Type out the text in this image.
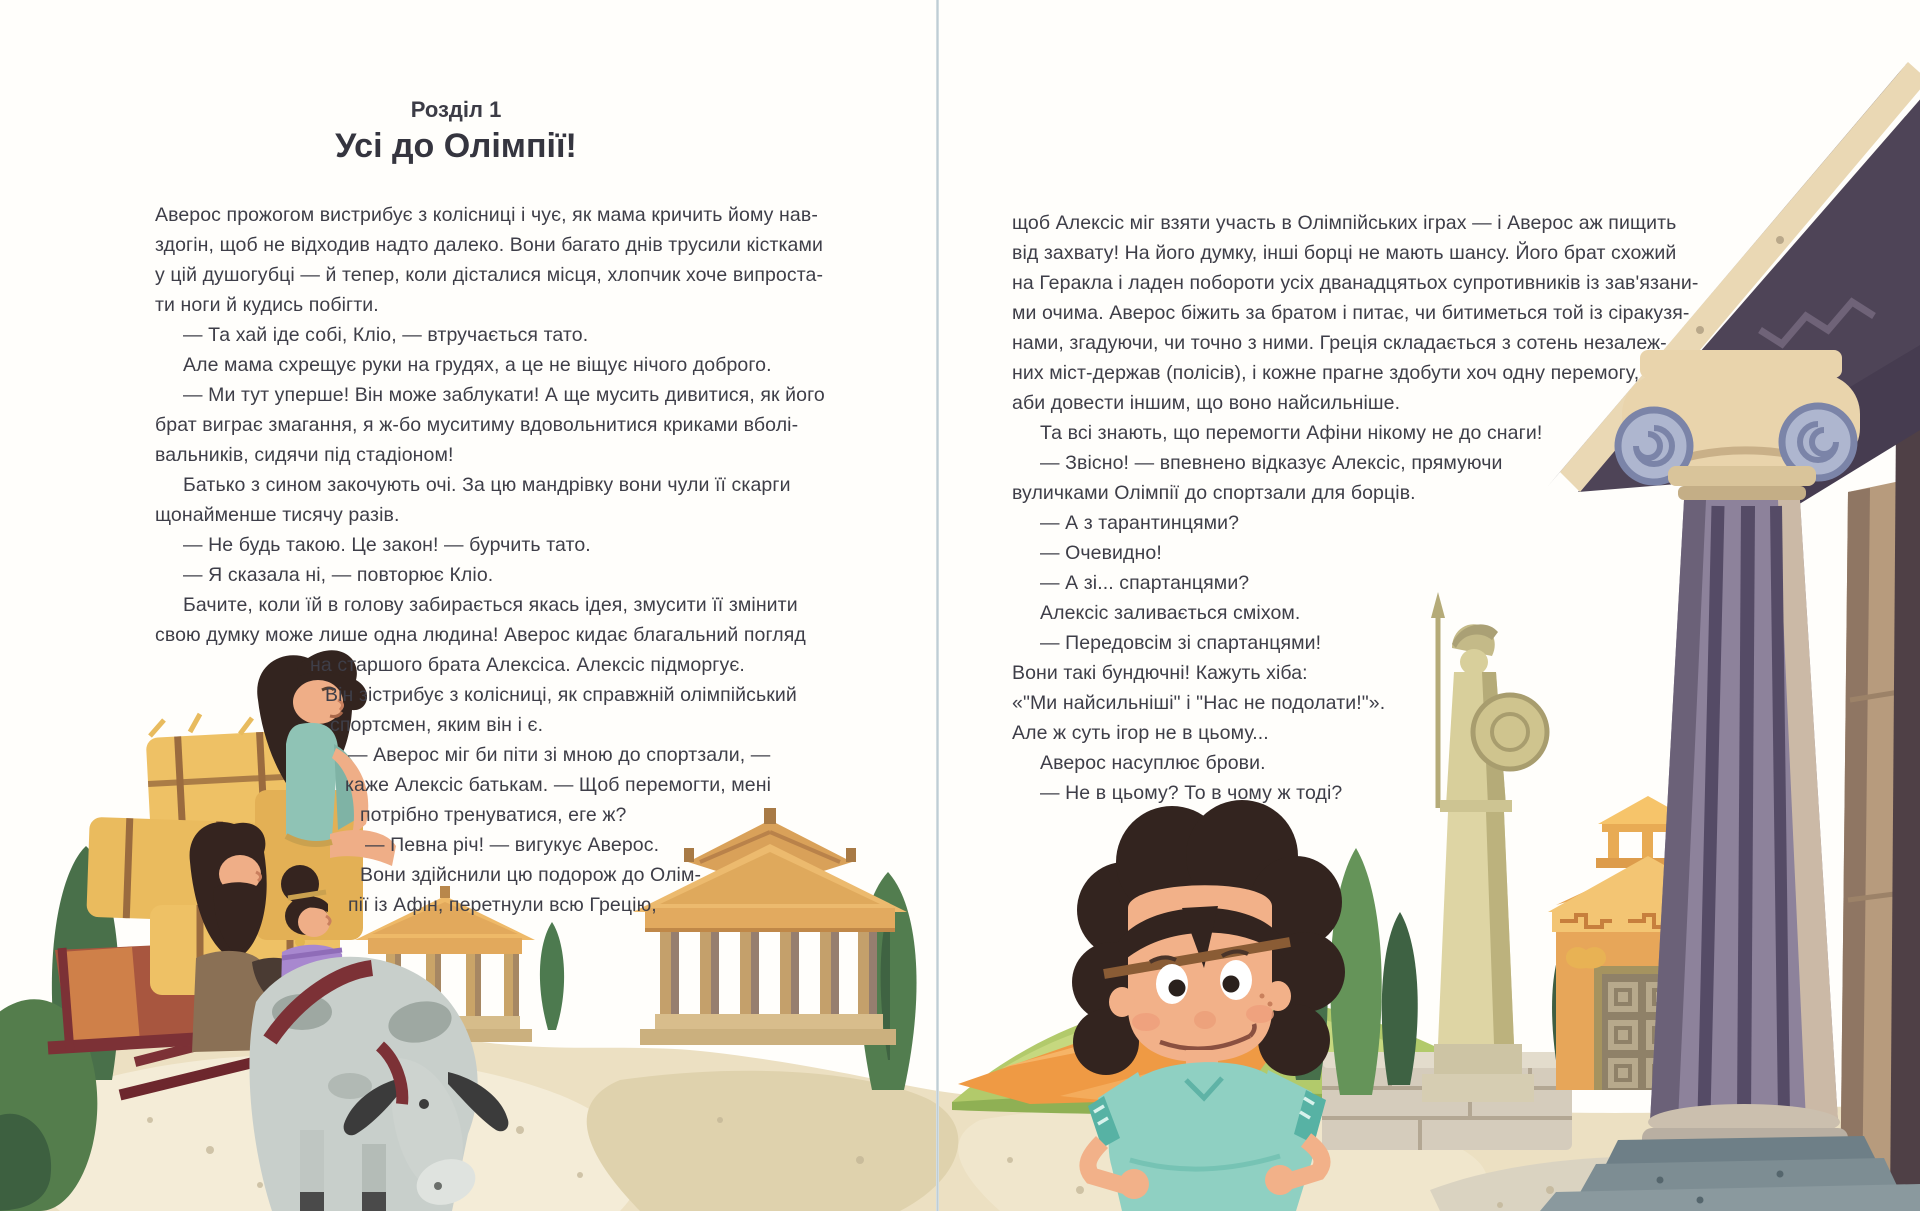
Розділ 1
Усі до Олімпії!
Аверос прожогом вистрибує з колісниці і чує, як мама кричить йому нав-
здогін, щоб не відходив надто далеко. Вони багато днів трусили кістками
у цій душогубці — й тепер, коли дісталися місця, хлопчик хоче випроста-
ти ноги й кудись побігти.
— Та хай іде собі, Кліо, — втручається тато.
Але мама схрещує руки на грудях, а це не віщує нічого доброго.
— Ми тут уперше! Він може заблукати! А ще мусить дивитися, як його
брат виграє змагання, я ж-бо муситиму вдовольнитися криками вболі-
вальників, сидячи під стадіоном!
Батько з сином закочують очі. За цю мандрівку вони чули її скарги
щонайменше тисячу разів.
— Не будь такою. Це закон! — бурчить тато.
— Я сказала ні, — повторює Кліо.
Бачите, коли їй в голову забирається якась ідея, змусити її змінити
свою думку може лише одна людина! Аверос кидає благальний погляд
на старшого брата Алексіса. Алексіс підморгує.
Він зістрибує з колісниці, як справжній олімпійський
спортсмен, яким він і є.
— Аверос міг би піти зі мною до спортзали, —
каже Алексіс батькам. — Щоб перемогти, мені
потрібно тренуватися, еге ж?
— Певна річ! — вигукує Аверос.
Вони здійснили цю подорож до Олім-
пії із Афін, перетнули всю Грецію,
щоб Алексіс міг взяти участь в Олімпійських іграх — і Аверос аж пищить
від захвату! На його думку, інші борці не мають шансу. Його брат схожий
на Геракла і ладен побороти усіх дванадцятьох супротивників із зав'язани-
ми очима. Аверос біжить за братом і питає, чи битиметься той із сіракузя-
нами, згадуючи, чи точно з ними. Греція складається з сотень незалеж-
них міст-держав (полісів), і кожне прагне здобути хоч одну перемогу,
аби довести іншим, що воно найсильніше.
Та всі знають, що перемогти Афіни нікому не до снаги!
— Звісно! — впевнено відказує Алексіс, прямуючи
вуличками Олімпії до спортзали для борців.
— А з тарантинцями?
— Очевидно!
— А зі... спартанцями?
Алексіс заливається сміхом.
— Передовсім зі спартанцями!
Вони такі бундючні! Кажуть хіба:
«"Ми найсильніші" і "Нас не подолати!"».
Але ж суть ігор не в цьому...
Аверос насуплює брови.
— Не в цьому? То в чому ж тоді?
